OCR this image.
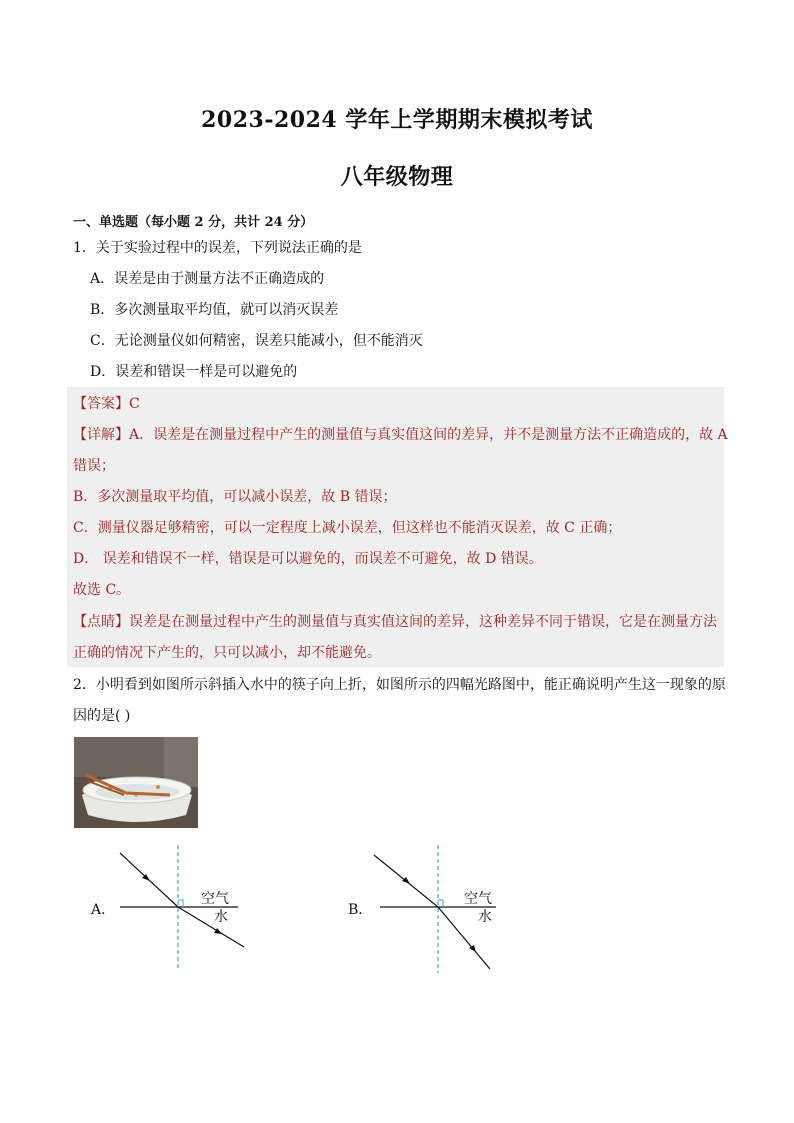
2023-2024 学年上学期期末模拟考试
八年级物理
一、单选题（每小题 2 分，共计 24 分）
1．关于实验过程中的误差，下列说法正确的是
A．误差是由于测量方法不正确造成的
B．多次测量取平均值，就可以消灭误差
C．无论测量仪如何精密，误差只能减小，但不能消灭
D．误差和错误一样是可以避免的
【答案】C
【详解】A．误差是在测量过程中产生的测量值与真实值这间的差异，并不是测量方法不正确造成的，故 A
错误；
B．多次测量取平均值，可以减小误差，故 B 错误；
C．测量仪器足够精密，可以一定程度上减小误差，但这样也不能消灭误差，故 C 正确；
D． 误差和错误不一样，错误是可以避免的，而误差不可避免，故 D 错误。
故选 C。
【点睛】误差是在测量过程中产生的测量值与真实值这间的差异，这种差异不同于错误，它是在测量方法
正确的情况下产生的，只可以减小，却不能避免。
2．小明看到如图所示斜插入水中的筷子向上折，如图所示的四幅光路图中，能正确说明产生这一现象的原
因的是( )
A．
空气
水	B．
空气
水
